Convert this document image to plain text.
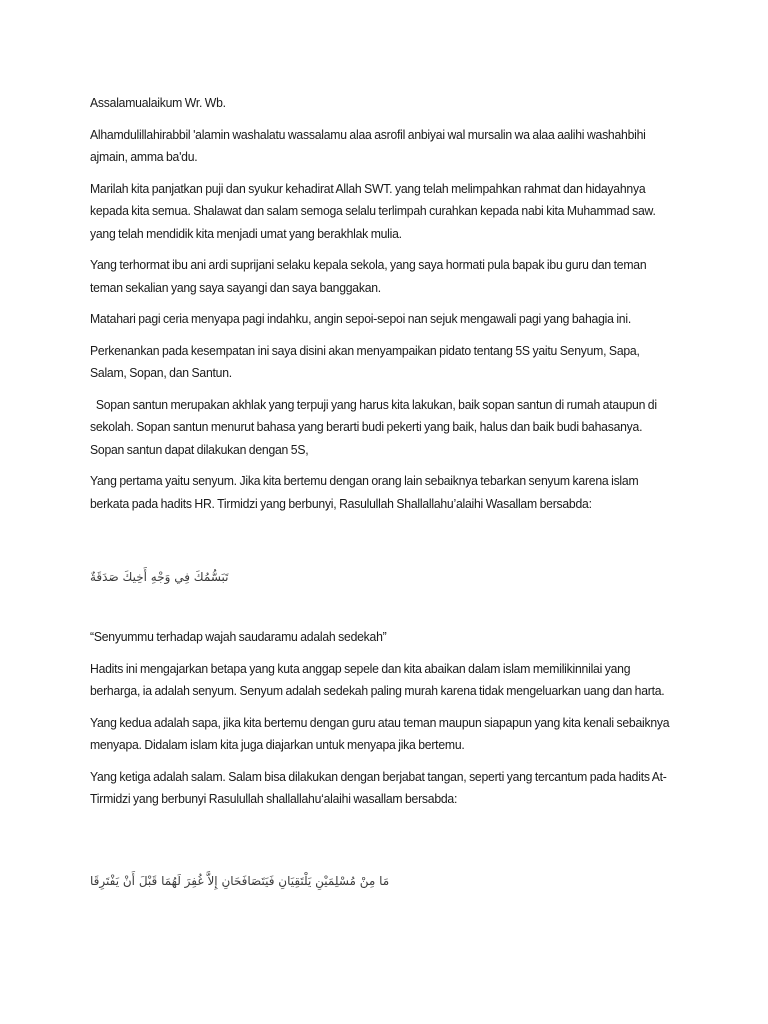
Assalamualaikum Wr. Wb.

Alhamdulillahirabbil 'alamin washalatu wassalamu alaa asrofil anbiyai wal mursalin wa alaa aalihi washahbihi ajmain, amma ba'du.

Marilah kita panjatkan puji dan syukur kehadirat Allah SWT. yang telah melimpahkan rahmat dan hidayahnya kepada kita semua. Shalawat dan salam semoga selalu terlimpah curahkan kepada nabi kita Muhammad saw. yang telah mendidik kita menjadi umat yang berakhlak mulia.

Yang terhormat ibu ani ardi suprijani selaku kepala sekola, yang saya hormati pula bapak ibu guru dan teman teman sekalian yang saya sayangi dan saya banggakan.

Matahari pagi ceria menyapa pagi indahku, angin sepoi-sepoi nan sejuk mengawali pagi yang bahagia ini.

Perkenankan pada kesempatan ini saya disini akan menyampaikan pidato tentang 5S yaitu Senyum, Sapa, Salam, Sopan, dan Santun.

Sopan santun merupakan akhlak yang terpuji yang harus kita lakukan, baik sopan santun di rumah ataupun di sekolah. Sopan santun menurut bahasa yang berarti budi pekerti yang baik, halus dan baik budi bahasanya. Sopan santun dapat dilakukan dengan 5S,

Yang pertama yaitu senyum. Jika kita bertemu dengan orang lain sebaiknya tebarkan senyum karena islam berkata pada hadits HR. Tirmidzi yang berbunyi, Rasulullah Shallallahu’alaihi Wasallam bersabda:

تَبَسُّمُكَ فِي وَجْهِ أَخِيكَ صَدَقَةٌ

“Senyummu terhadap wajah saudaramu adalah sedekah”

Hadits ini mengajarkan betapa yang kuta anggap sepele dan kita abaikan dalam islam memilikinnilai yang berharga, ia adalah senyum. Senyum adalah sedekah paling murah karena tidak mengeluarkan uang dan harta.

Yang kedua adalah sapa, jika kita bertemu dengan guru atau teman maupun siapapun yang kita kenali sebaiknya menyapa. Didalam islam kita juga diajarkan untuk menyapa jika bertemu.

Yang ketiga adalah salam. Salam bisa dilakukan dengan berjabat tangan, seperti yang tercantum pada hadits At-Tirmidzi yang berbunyi Rasulullah shallallahu‘alaihi wasallam bersabda:

مَا مِنْ مُسْلِمَيْنِ يَلْتَقِيَانِ فَيَتَصَافَحَانِ إِلاَّ غُفِرَ لَهُمَا قَبْلَ أَنْ يَفْتَرِقَا
